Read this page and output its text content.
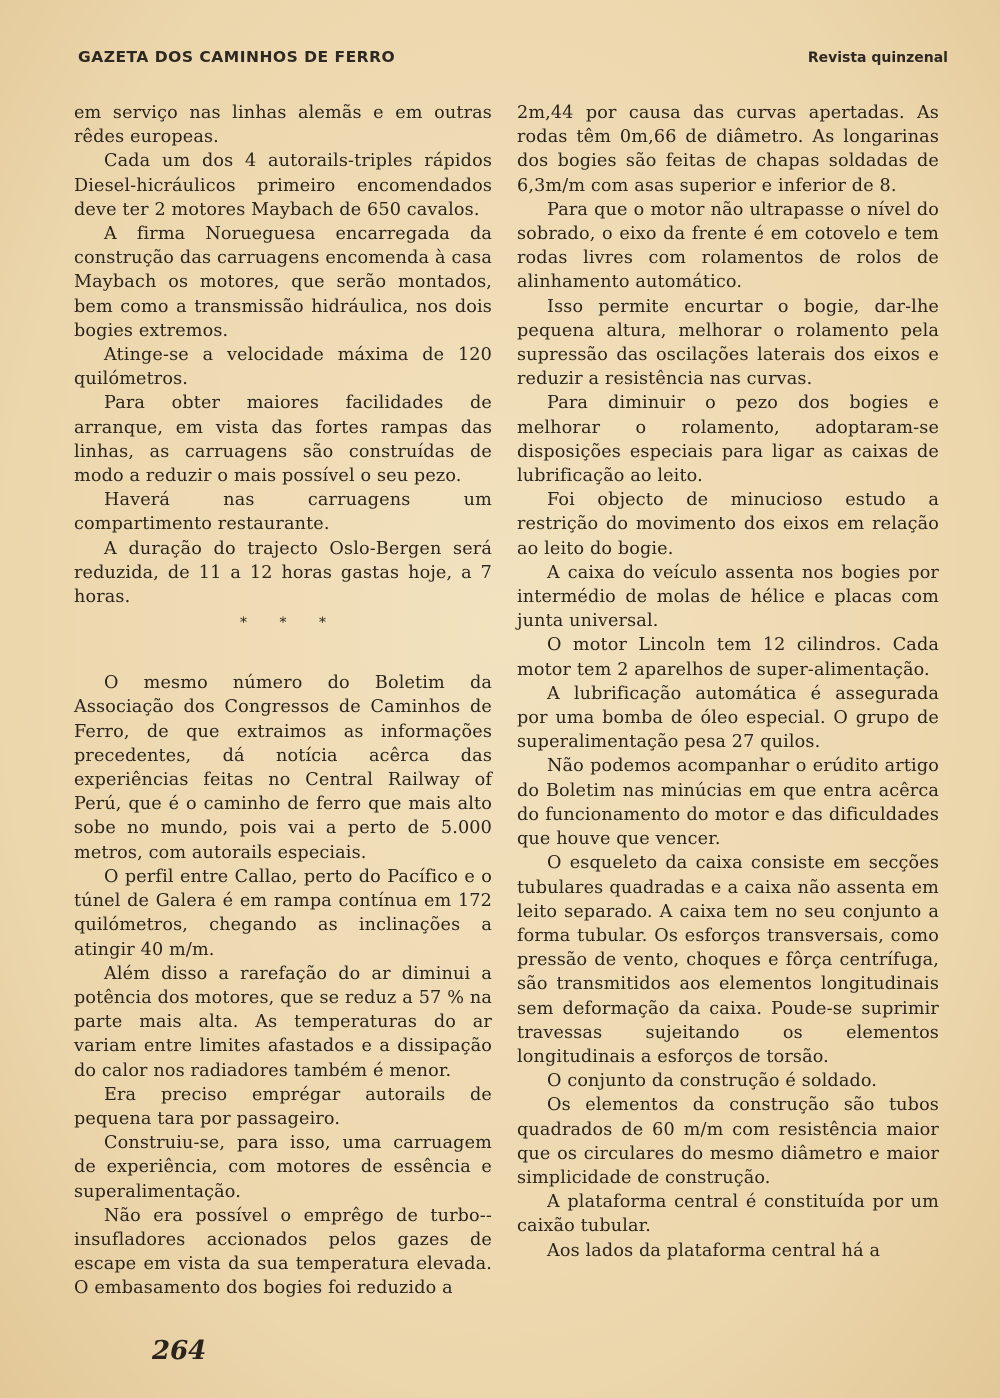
GAZETA DOS CAMINHOS DE FERRO	Revista quinzenal

em serviço nas linhas alemãs e em outras rêdes europeas.

Cada um dos 4 autorails-triples rápidos Diesel-hicráulicos primeiro encomendados deve ter 2 motores Maybach de 650 cavalos.

A firma Norueguesa encarregada da construção das carruagens encomenda à casa Maybach os motores, que serão montados, bem como a transmissão hidráulica, nos dois bogies extremos.

Atinge-se a velocidade máxima de 120 quilómetros.

Para obter maiores facilidades de arranque, em vista das fortes rampas das linhas, as carruagens são construídas de modo a reduzir o mais possível o seu pezo.

Haverá nas carruagens um compartimento restaurante.

A duração do trajecto Oslo-Bergen será reduzida, de 11 a 12 horas gastas hoje, a 7 horas.

* * *

O mesmo número do Boletim da Associação dos Congressos de Caminhos de Ferro, de que extraimos as informações precedentes, dá notícia acêrca das experiências feitas no Central Railway of Perú, que é o caminho de ferro que mais alto sobe no mundo, pois vai a perto de 5.000 metros, com autorails especiais.

O perfil entre Callao, perto do Pacífico e o túnel de Galera é em rampa contínua em 172 quilómetros, chegando as inclinações a atingir 40 m/m.

Além disso a rarefação do ar diminui a potência dos motores, que se reduz a 57 % na parte mais alta. As temperaturas do ar variam entre limites afastados e a dissipação do calor nos radiadores também é menor.

Era preciso emprégar autorails de pequena tara por passageiro.

Construiu-se, para isso, uma carruagem de experiência, com motores de essência e superalimentação.

Não era possível o emprêgo de turbo--insufladores accionados pelos gazes de escape em vista da sua temperatura elevada. O embasamento dos bogies foi reduzido a

2m,44 por causa das curvas apertadas. As rodas têm 0m,66 de diâmetro. As longarinas dos bogies são feitas de chapas soldadas de 6,3m/m com asas superior e inferior de 8.

Para que o motor não ultrapasse o nível do sobrado, o eixo da frente é em cotovelo e tem rodas livres com rolamentos de rolos de alinhamento automático.

Isso permite encurtar o bogie, dar-lhe pequena altura, melhorar o rolamento pela supressão das oscilações laterais dos eixos e reduzir a resistência nas curvas.

Para diminuir o pezo dos bogies e melhorar o rolamento, adoptaram-se disposições especiais para ligar as caixas de lubrificação ao leito.

Foi objecto de minucioso estudo a restrição do movimento dos eixos em relação ao leito do bogie.

A caixa do veículo assenta nos bogies por intermédio de molas de hélice e placas com junta universal.

O motor Lincoln tem 12 cilindros. Cada motor tem 2 aparelhos de super-alimentação.

A lubrificação automática é assegurada por uma bomba de óleo especial. O grupo de superalimentação pesa 27 quilos.

Não podemos acompanhar o erúdito artigo do Boletim nas minúcias em que entra acêrca do funcionamento do motor e das dificuldades que houve que vencer.

O esqueleto da caixa consiste em secções tubulares quadradas e a caixa não assenta em leito separado. A caixa tem no seu conjunto a forma tubular. Os esforços transversais, como pressão de vento, choques e fôrça centrífuga, são transmitidos aos elementos longitudinais sem deformação da caixa. Poude-se suprimir travessas sujeitando os elementos longitudinais a esforços de torsão.

O conjunto da construção é soldado.

Os elementos da construção são tubos quadrados de 60 m/m com resistência maior que os circulares do mesmo diâmetro e maior simplicidade de construção.

A plataforma central é constituída por um caixão tubular.

Aos lados da plataforma central há a

264
